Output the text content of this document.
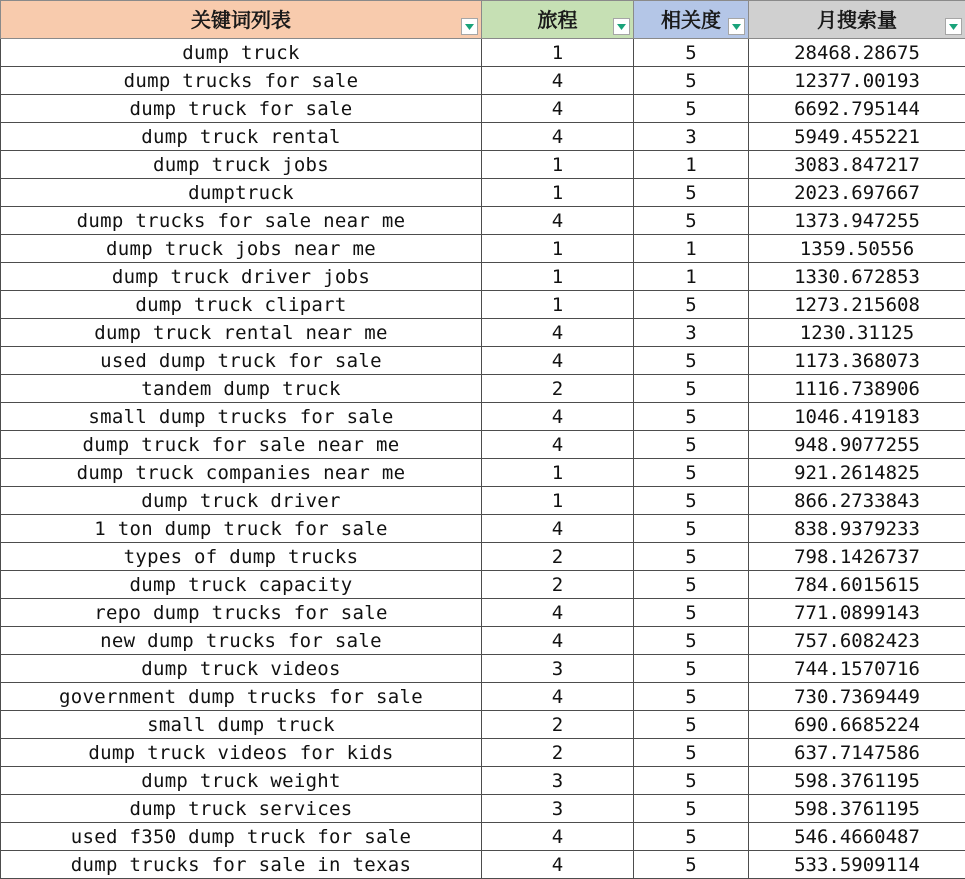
关键词列表	旅程	相关度	月搜索量

dump truck	1	5	28468.28675
dump trucks for sale	4	5	12377.00193
dump truck for sale	4	5	6692.795144
dump truck rental	4	3	5949.455221
dump truck jobs	1	1	3083.847217
dumptruck	1	5	2023.697667
dump trucks for sale near me	4	5	1373.947255
dump truck jobs near me	1	1	1359.50556
dump truck driver jobs	1	1	1330.672853
dump truck clipart	1	5	1273.215608
dump truck rental near me	4	3	1230.31125
used dump truck for sale	4	5	1173.368073
tandem dump truck	2	5	1116.738906
small dump trucks for sale	4	5	1046.419183
dump truck for sale near me	4	5	948.9077255
dump truck companies near me	1	5	921.2614825
dump truck driver	1	5	866.2733843
1 ton dump truck for sale	4	5	838.9379233
types of dump trucks	2	5	798.1426737
dump truck capacity	2	5	784.6015615
repo dump trucks for sale	4	5	771.0899143
new dump trucks for sale	4	5	757.6082423
dump truck videos	3	5	744.1570716
government dump trucks for sale	4	5	730.7369449
small dump truck	2	5	690.6685224
dump truck videos for kids	2	5	637.7147586
dump truck weight	3	5	598.3761195
dump truck services	3	5	598.3761195
used f350 dump truck for sale	4	5	546.4660487
dump trucks for sale in texas	4	5	533.5909114
